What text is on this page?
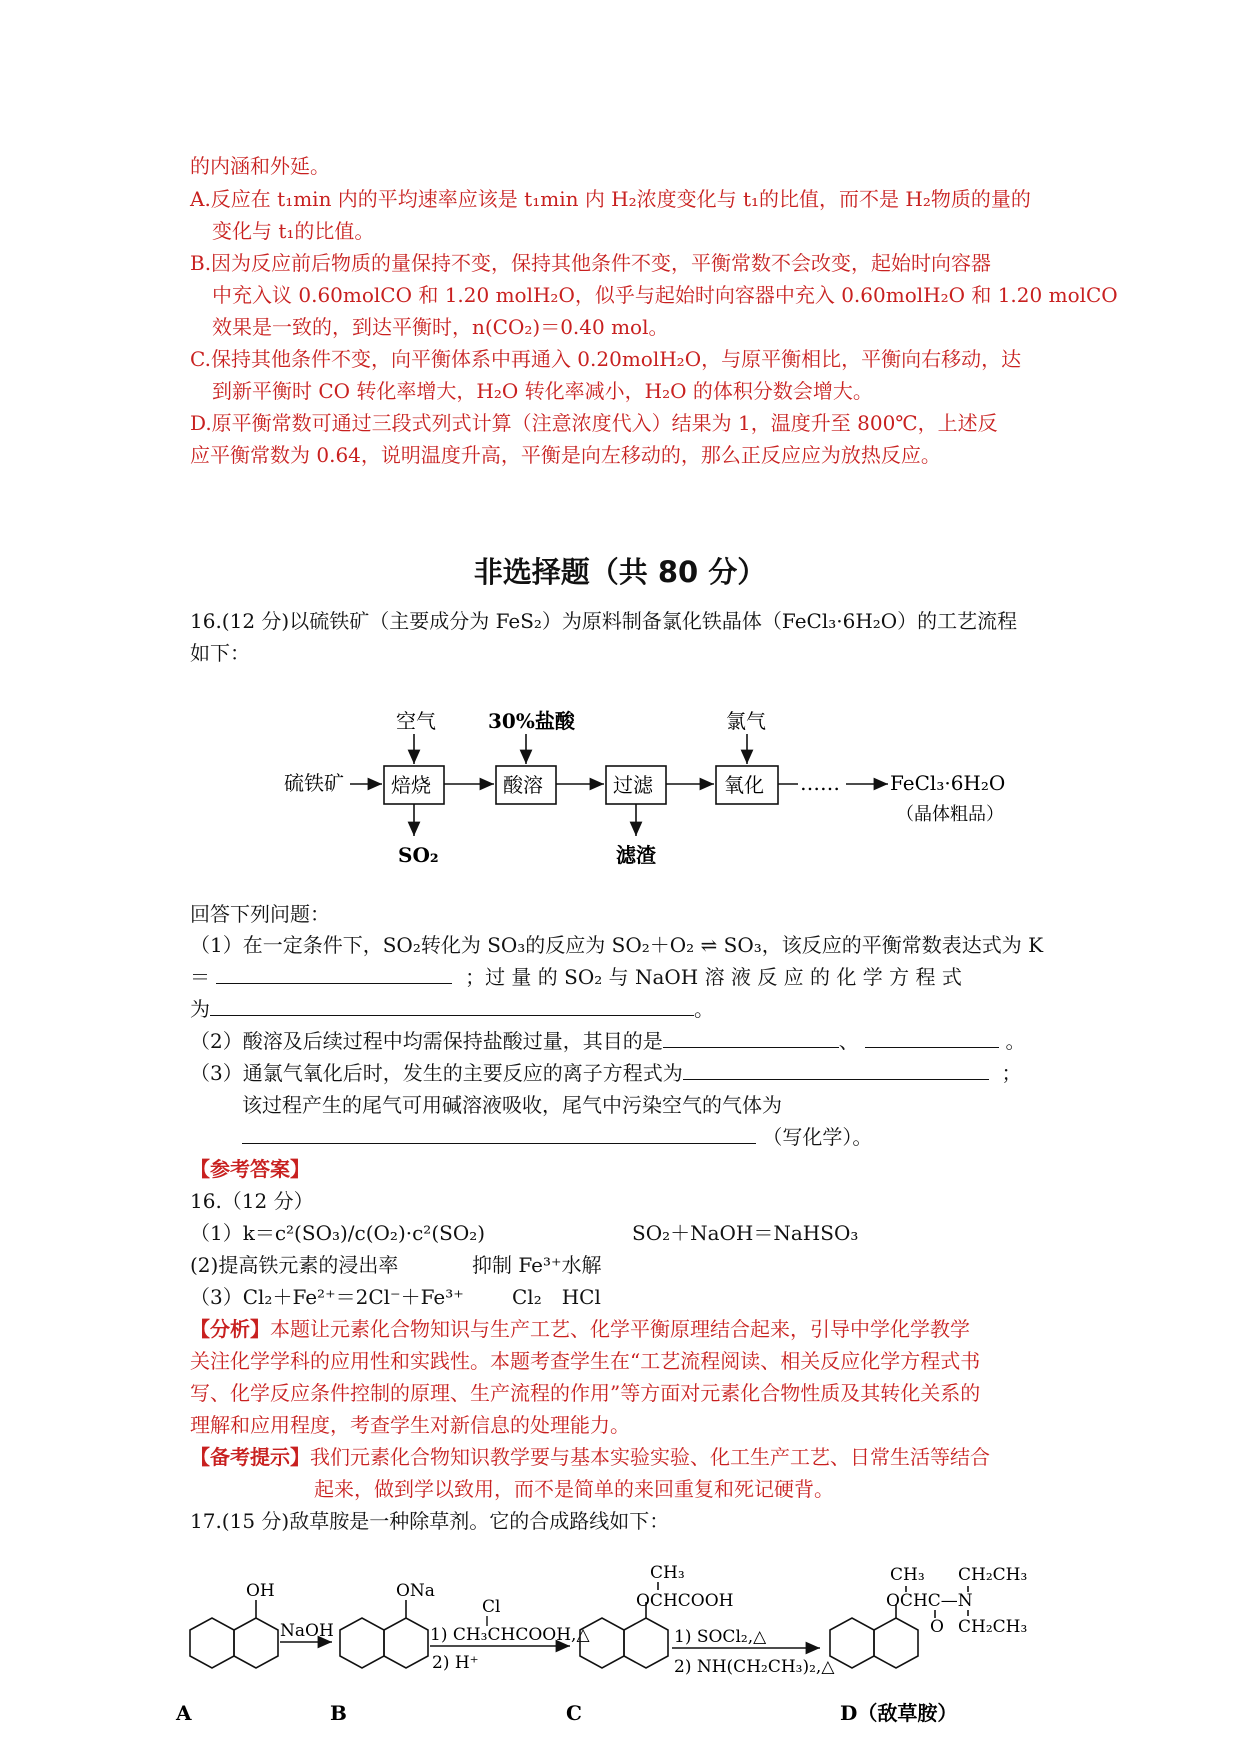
的内涵和外延。
A.反应在 t₁min 内的平均速率应该是 t₁min 内 H₂浓度变化与 t₁的比值，而不是 H₂物质的量的
变化与 t₁的比值。
B.因为反应前后物质的量保持不变，保持其他条件不变，平衡常数不会改变，起始时向容器
中充入议 0.60molCO 和 1.20 molH₂O，似乎与起始时向容器中充入 0.60molH₂O 和 1.20 molCO
效果是一致的，到达平衡时，n(CO₂)＝0.40 mol。
C.保持其他条件不变，向平衡体系中再通入 0.20molH₂O，与原平衡相比，平衡向右移动，达
到新平衡时 CO 转化率增大，H₂O 转化率减小，H₂O 的体积分数会增大。
D.原平衡常数可通过三段式列式计算（注意浓度代入）结果为 1，温度升至 800℃，上述反
应平衡常数为 0.64，说明温度升高，平衡是向左移动的，那么正反应应为放热反应。
非选择题（共 80 分）
16.(12 分)以硫铁矿（主要成分为 FeS₂）为原料制备氯化铁晶体（FeCl₃·6H₂O）的工艺流程
如下：
硫铁矿 焙烧	酸溶	过滤	氧化 ……	FeCl₃·6H₂O
（晶体粗品）
空气	30%盐酸	氯气
SO₂	滤渣
回答下列问题：
（1）在一定条件下，SO₂转化为 SO₃的反应为 SO₂＋O₂ ⇌ SO₃，该反应的平衡常数表达式为 K
＝	；过 量 的 SO₂ 与 NaOH 溶 液 反 应 的 化 学 方 程 式
为	。
（2）酸溶及后续过程中均需保持盐酸过量，其目的是	、	。
（3）通氯气氧化后时，发生的主要反应的离子方程式为	；
该过程产生的尾气可用碱溶液吸收，尾气中污染空气的气体为
（写化学）。
【参考答案】
16.（12 分）
（1）k＝c²(SO₃)/c(O₂)·c²(SO₂)	SO₂＋NaOH＝NaHSO₃
(2)提高铁元素的浸出率	抑制 Fe³⁺水解
（3）Cl₂＋Fe²⁺＝2Cl⁻＋Fe³⁺ Cl₂　HCl
【分析】本题让元素化合物知识与生产工艺、化学平衡原理结合起来，引导中学化学教学
关注化学学科的应用性和实践性。本题考查学生在“工艺流程阅读、相关反应化学方程式书
写、化学反应条件控制的原理、生产流程的作用”等方面对元素化合物性质及其转化关系的
理解和应用程度，考查学生对新信息的处理能力。
【备考提示】我们元素化合物知识教学要与基本实验实验、化工生产工艺、日常生活等结合
起来，做到学以致用，而不是简单的来回重复和死记硬背。
17.(15 分)敌草胺是一种除草剂。它的合成路线如下：
OH
NaOH
A
ONa
Cl
1) CH₃CHCOOH,△
2) H⁺
B
CH₃
OCHCOOH
1) SOCl₂,△
2) NH(CH₂CH₃)₂,△
C
CH₃
OCHC—N
O
CH₂CH₃
CH₂CH₃
D（敌草胺）
